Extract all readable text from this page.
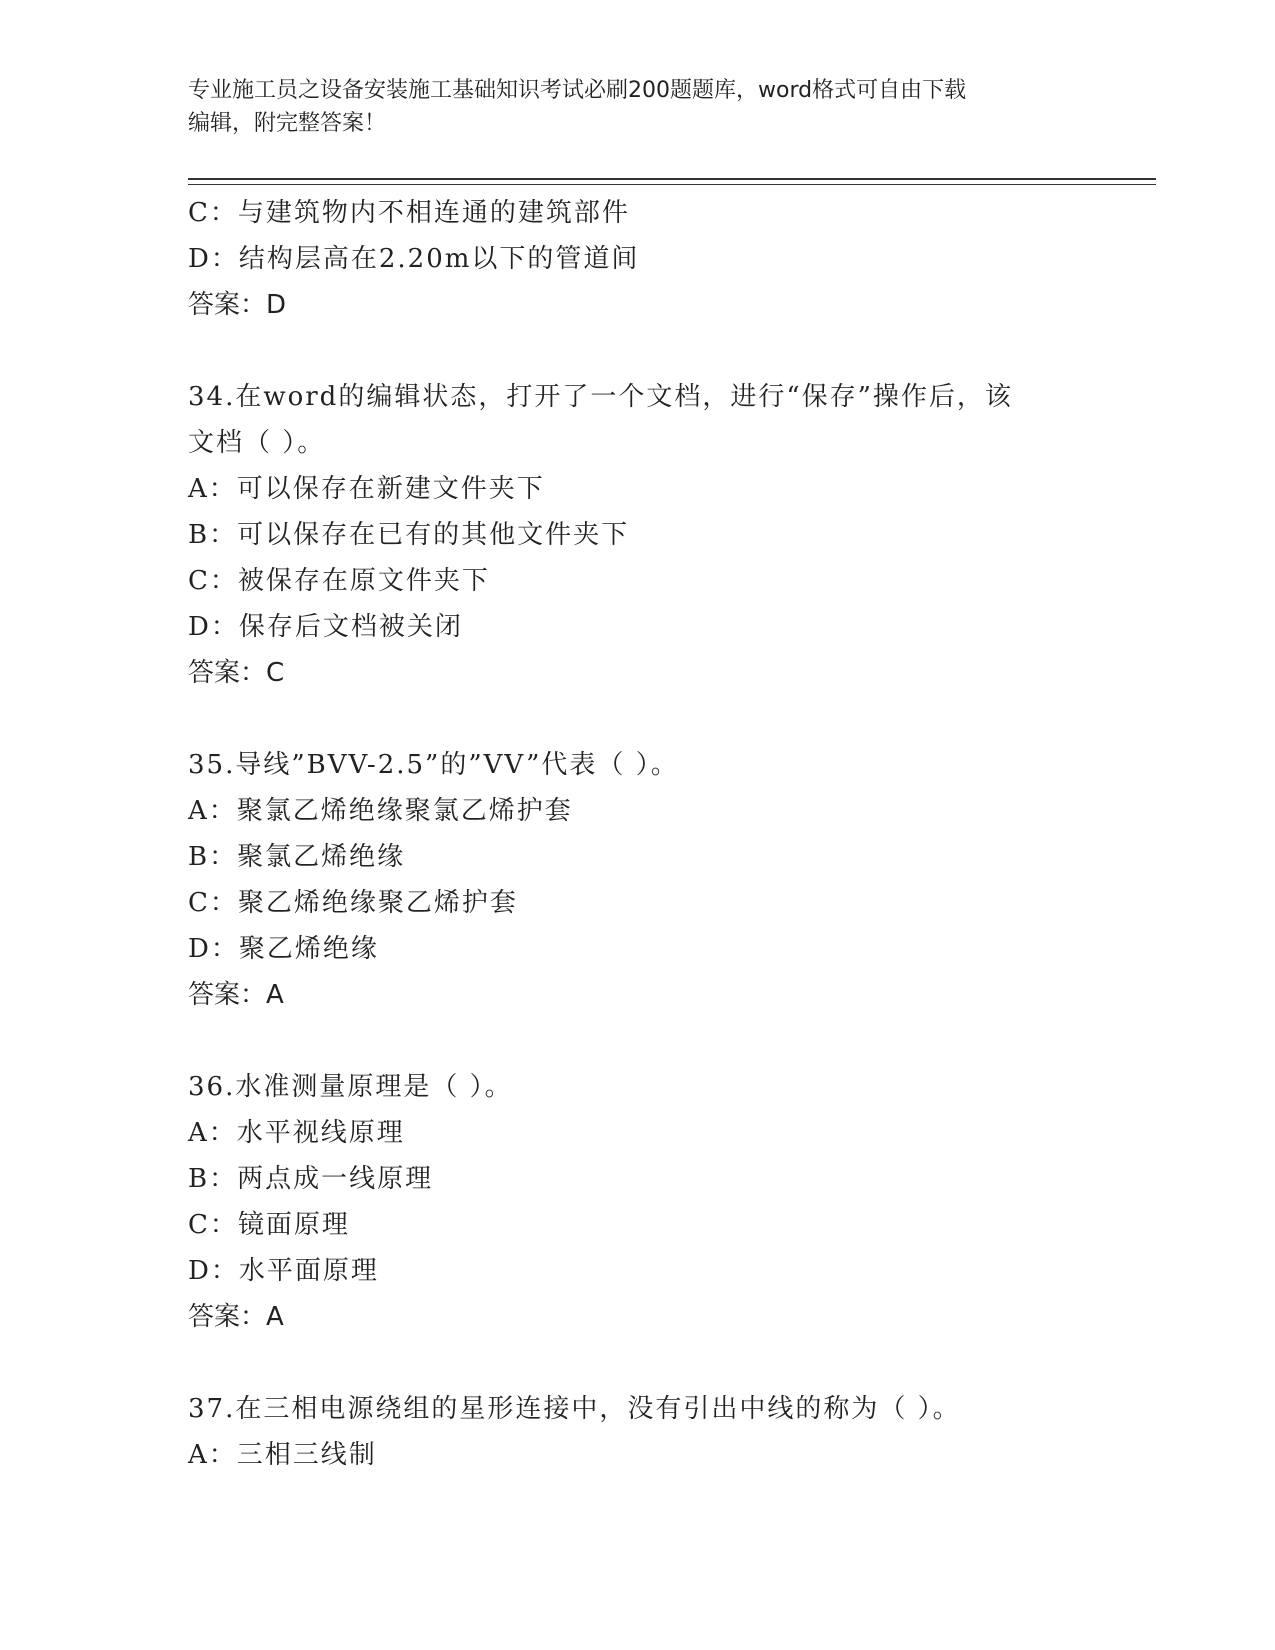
专业施工员之设备安装施工基础知识考试必刷200题题库，word格式可自由下载
编辑，附完整答案！
C：与建筑物内不相连通的建筑部件
D：结构层高在2.20m以下的管道间
答案：D
34.在word的编辑状态，打开了一个文档，进行“保存”操作后，该
文档（ ）。
A：可以保存在新建文件夹下
B：可以保存在已有的其他文件夹下
C：被保存在原文件夹下
D：保存后文档被关闭
答案：C
35.导线”BVV-2.5”的”VV”代表（ ）。
A：聚氯乙烯绝缘聚氯乙烯护套
B：聚氯乙烯绝缘
C：聚乙烯绝缘聚乙烯护套
D：聚乙烯绝缘
答案：A
36.水准测量原理是（ ）。
A：水平视线原理
B：两点成一线原理
C：镜面原理
D：水平面原理
答案：A
37.在三相电源绕组的星形连接中，没有引出中线的称为（ ）。
A：三相三线制
